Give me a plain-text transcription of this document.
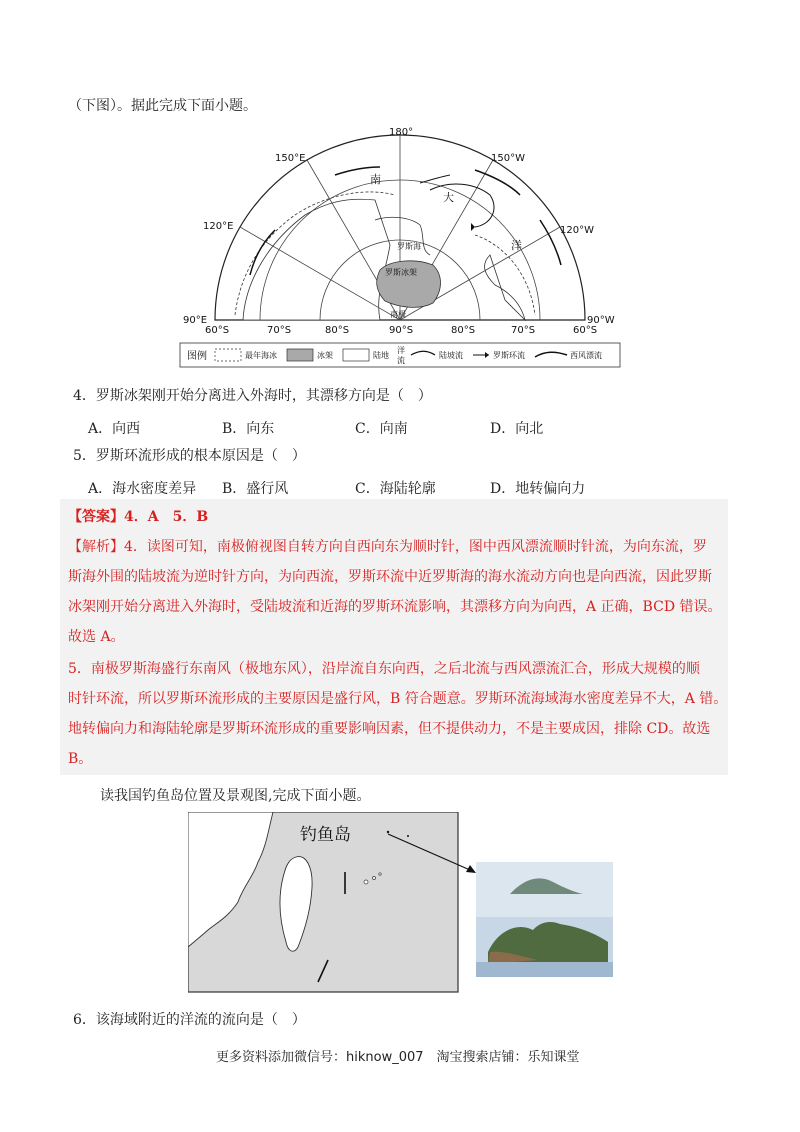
（下图）。据此完成下面小题。
180°
150°E	150°W
120°E	120°W
90°E	90°W
南
大
洋
罗斯海
罗斯冰架
南极
60°S	70°S	80°S	90°S	80°S	70°S	60°S
图例	最年海冰	冰架	陆地
洋
流
陆坡流	罗斯环流	西风漂流
4．罗斯冰架刚开始分离进入外海时，其漂移方向是（　）
A．向西	B．向东	C．向南	D．向北
5．罗斯环流形成的根本原因是（　）
A．海水密度差异 B．盛行风	C．海陆轮廓	D．地转偏向力
【答案】4．A　5．B
【解析】4．读图可知，南极俯视图自转方向自西向东为顺时针，图中西风漂流顺时针流，为向东流，罗
斯海外围的陆坡流为逆时针方向，为向西流，罗斯环流中近罗斯海的海水流动方向也是向西流，因此罗斯
冰架刚开始分离进入外海时，受陆坡流和近海的罗斯环流影响，其漂移方向为向西，A 正确，BCD 错误。
故选 A。
5．南极罗斯海盛行东南风（极地东风），沿岸流自东向西，之后北流与西风漂流汇合，形成大规模的顺
时针环流，所以罗斯环流形成的主要原因是盛行风，B 符合题意。罗斯环流海域海水密度差异不大，A 错。
地转偏向力和海陆轮廓是罗斯环流形成的重要影响因素，但不提供动力，不是主要成因，排除 CD。故选
B。
读我国钓鱼岛位置及景观图,完成下面小题。
钓鱼岛
6．该海域附近的洋流的流向是（　）
更多资料添加微信号：hiknow_007　淘宝搜索店铺：乐知课堂
